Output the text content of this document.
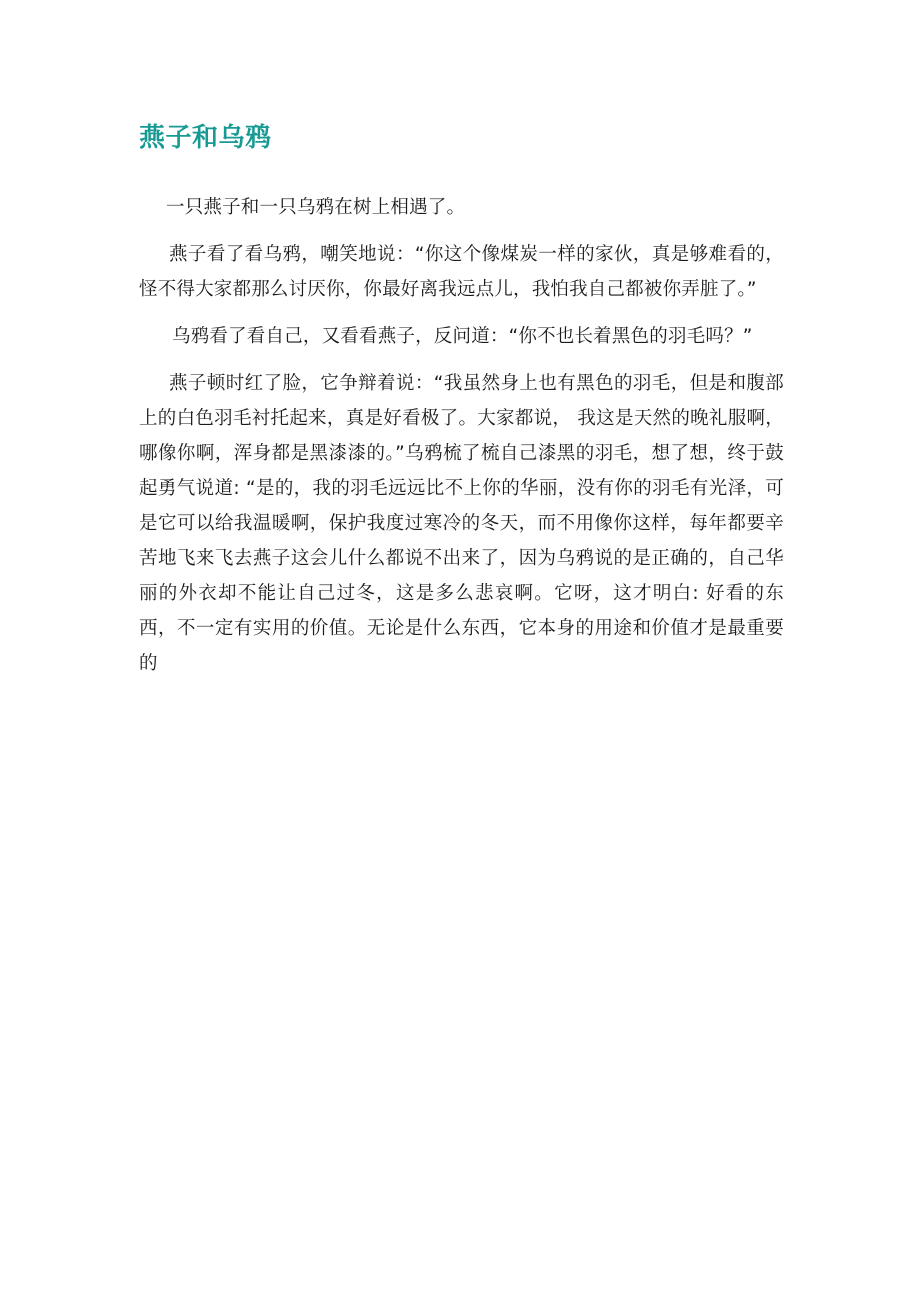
燕子和乌鸦

一只燕子和一只乌鸦在树上相遇了。

燕子看了看乌鸦，嘲笑地说：“你这个像煤炭一样的家伙，真是够难看的，怪不得大家都那么讨厌你，你最好离我远点儿，我怕我自己都被你弄脏了。”

乌鸦看了看自己，又看看燕子，反问道：“你不也长着黑色的羽毛吗？”

燕子顿时红了脸，它争辩着说：“我虽然身上也有黑色的羽毛，但是和腹部上的白色羽毛衬托起来，真是好看极了。大家都说， 我这是天然的晚礼服啊，哪像你啊，浑身都是黑漆漆的。”乌鸦梳了梳自己漆黑的羽毛，想了想，终于鼓起勇气说道: “是的，我的羽毛远远比不上你的华丽，没有你的羽毛有光泽，可是它可以给我温暖啊，保护我度过寒冷的冬天，而不用像你这样，每年都要辛苦地飞来飞去燕子这会儿什么都说不出来了，因为乌鸦说的是正确的，自己华丽的外衣却不能让自己过冬，这是多么悲哀啊。它呀，这才明白: 好看的东西，不一定有实用的价值。无论是什么东西，它本身的用途和价值才是最重要的
